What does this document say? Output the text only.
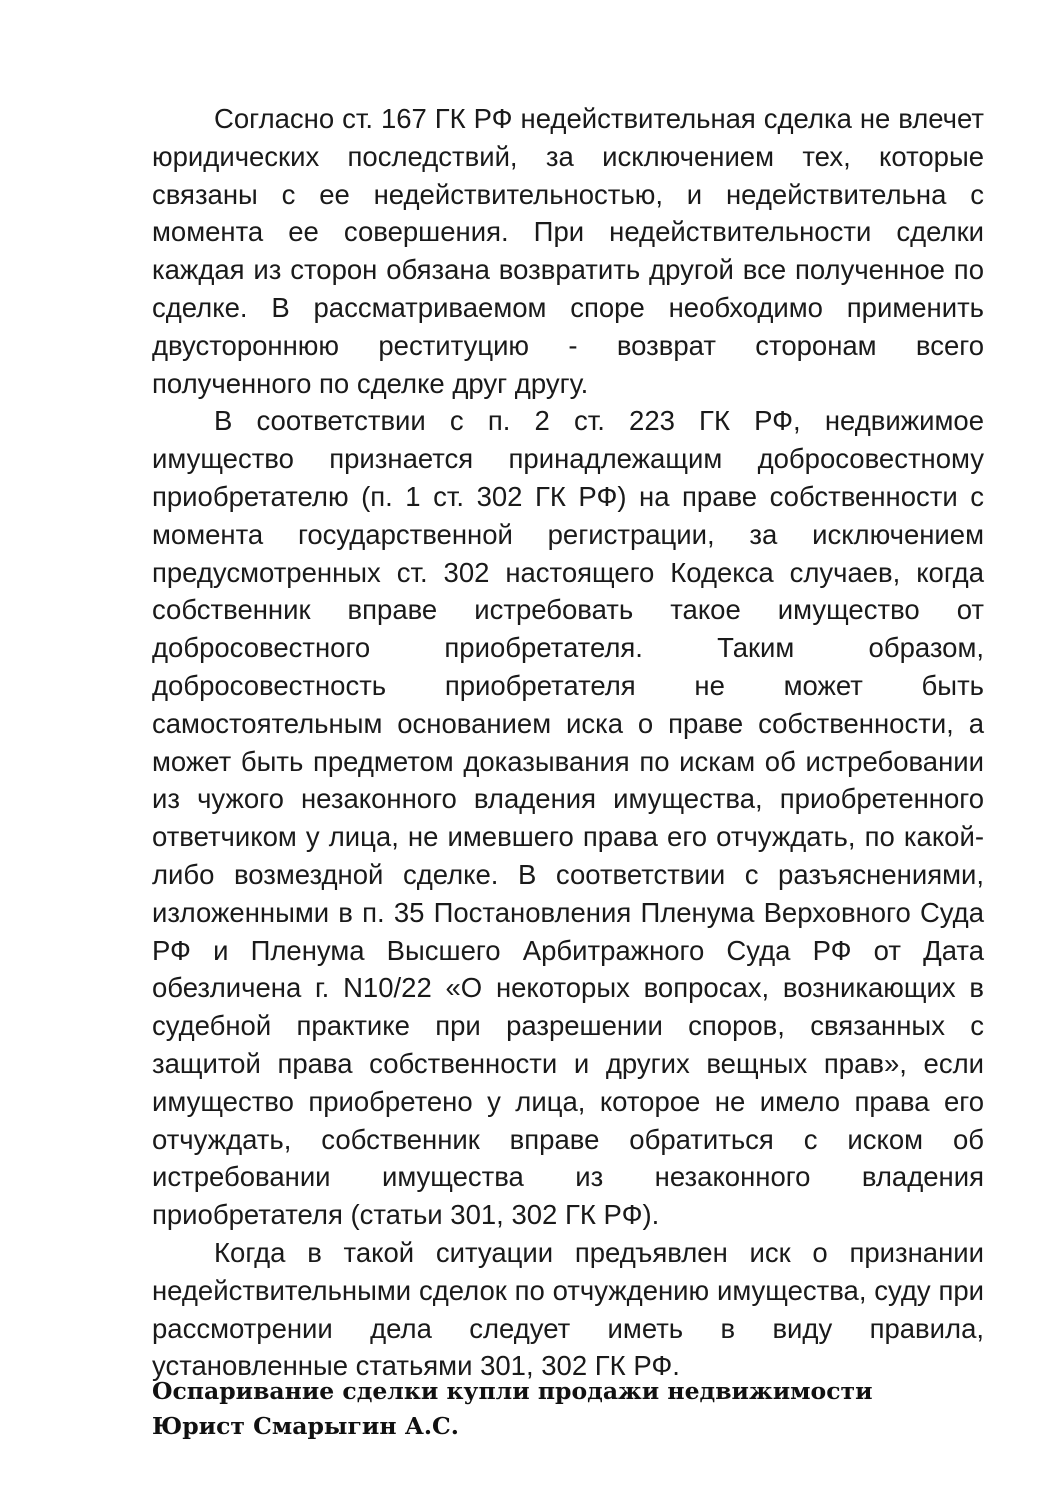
Согласно ст. 167 ГК РФ недействительная сделка не влечет юридических последствий, за исключением тех, которые связаны с ее недействительностью, и недействительна с момента ее совершения. При недействительности сделки каждая из сторон обязана возвратить другой все полученное по сделке. В рассматриваемом споре необходимо применить двустороннюю реституцию - возврат сторонам всего полученного по сделке друг другу.

В соответствии с п. 2 ст. 223 ГК РФ, недвижимое имущество признается принадлежащим добросовестному приобретателю (п. 1 ст. 302 ГК РФ) на праве собственности с момента государственной регистрации, за исключением предусмотренных ст. 302 настоящего Кодекса случаев, когда собственник вправе истребовать такое имущество от добросовестного приобретателя. Таким образом, добросовестность приобретателя не может быть самостоятельным основанием иска о праве собственности, а может быть предметом доказывания по искам об истребовании из чужого незаконного владения имущества, приобретенного ответчиком у лица, не имевшего права его отчуждать, по какой-либо возмездной сделке. В соответствии с разъяснениями, изложенными в п. 35 Постановления Пленума Верховного Суда РФ и Пленума Высшего Арбитражного Суда РФ от Дата обезличена г. N10/22 «О некоторых вопросах, возникающих в судебной практике при разрешении споров, связанных с защитой права собственности и других вещных прав», если имущество приобретено у лица, которое не имело права его отчуждать, собственник вправе обратиться с иском об истребовании имущества из незаконного владения приобретателя (статьи 301, 302 ГК РФ).

Когда в такой ситуации предъявлен иск о признании недействительными сделок по отчуждению имущества, суду при рассмотрении дела следует иметь в виду правила, установленные статьями 301, 302 ГК РФ.

Оспаривание сделки купли продажи недвижимости
Юрист Смарыгин А.С.
